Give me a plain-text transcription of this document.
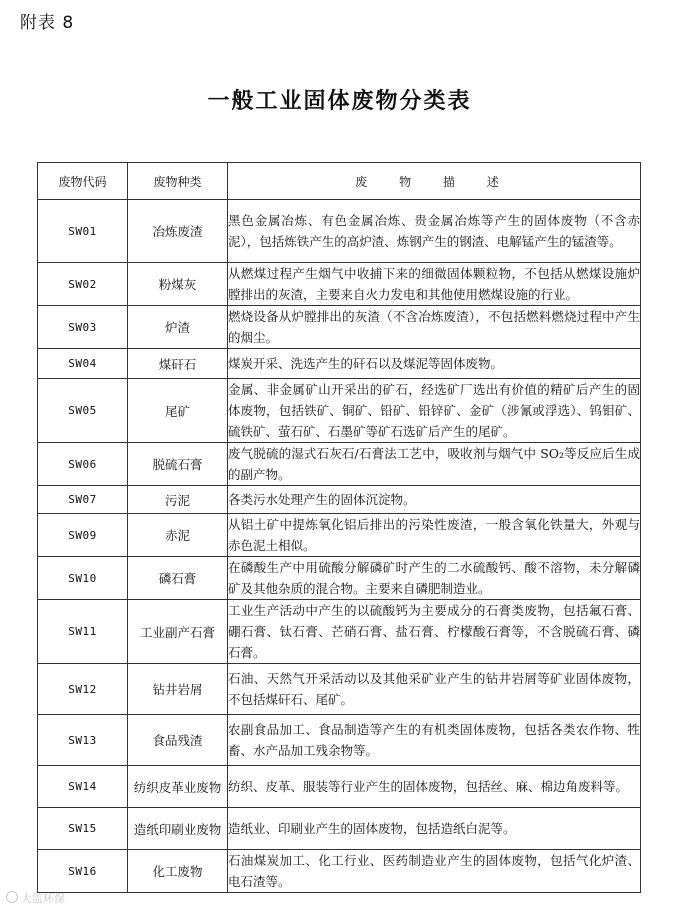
附表 8
一般工业固体废物分类表
废物代码	废物种类	废 物 描 述
SW01	冶炼废渣	黑色金属冶炼、有色金属冶炼、贵金属冶炼等产生的固体废物（不含赤泥），包括炼铁产生的高炉渣、炼钢产生的钢渣、电解锰产生的锰渣等。
SW02	粉煤灰	从燃煤过程产生烟气中收捕下来的细微固体颗粒物，不包括从燃煤设施炉膛排出的灰渣，主要来自火力发电和其他使用燃煤设施的行业。
SW03	炉渣	燃烧设备从炉膛排出的灰渣（不含冶炼废渣），不包括燃料燃烧过程中产生的烟尘。
SW04	煤矸石	煤炭开采、洗选产生的矸石以及煤泥等固体废物。
SW05	尾矿	金属、非金属矿山开采出的矿石，经选矿厂选出有价值的精矿后产生的固体废物，包括铁矿、铜矿、铅矿、铅锌矿、金矿（涉氰或浮选）、钨钼矿、硫铁矿、萤石矿、石墨矿等矿石选矿后产生的尾矿。
SW06	脱硫石膏	废气脱硫的湿式石灰石/石膏法工艺中，吸收剂与烟气中 SO₂等反应后生成的副产物。
SW07	污泥	各类污水处理产生的固体沉淀物。
SW09	赤泥	从铝土矿中提炼氧化铝后排出的污染性废渣，一般含氧化铁量大，外观与赤色泥土相似。
SW10	磷石膏	在磷酸生产中用硫酸分解磷矿时产生的二水硫酸钙、酸不溶物，未分解磷矿及其他杂质的混合物。主要来自磷肥制造业。
SW11	工业副产石膏	工业生产活动中产生的以硫酸钙为主要成分的石膏类废物，包括氟石膏、硼石膏、钛石膏、芒硝石膏、盐石膏、柠檬酸石膏等，不含脱硫石膏、磷石膏。
SW12	钻井岩屑	石油、天然气开采活动以及其他采矿业产生的钻井岩屑等矿业固体废物，不包括煤矸石、尾矿。
SW13	食品残渣	农副食品加工、食品制造等产生的有机类固体废物，包括各类农作物、牲畜、水产品加工残余物等。
SW14	纺织皮革业废物	纺织、皮革、服装等行业产生的固体废物，包括丝、麻、棉边角废料等。
SW15	造纸印刷业废物	造纸业、印刷业产生的固体废物，包括造纸白泥等。
SW16	化工废物	石油煤炭加工、化工行业、医药制造业产生的固体废物，包括气化炉渣、电石渣等。
大监环保
